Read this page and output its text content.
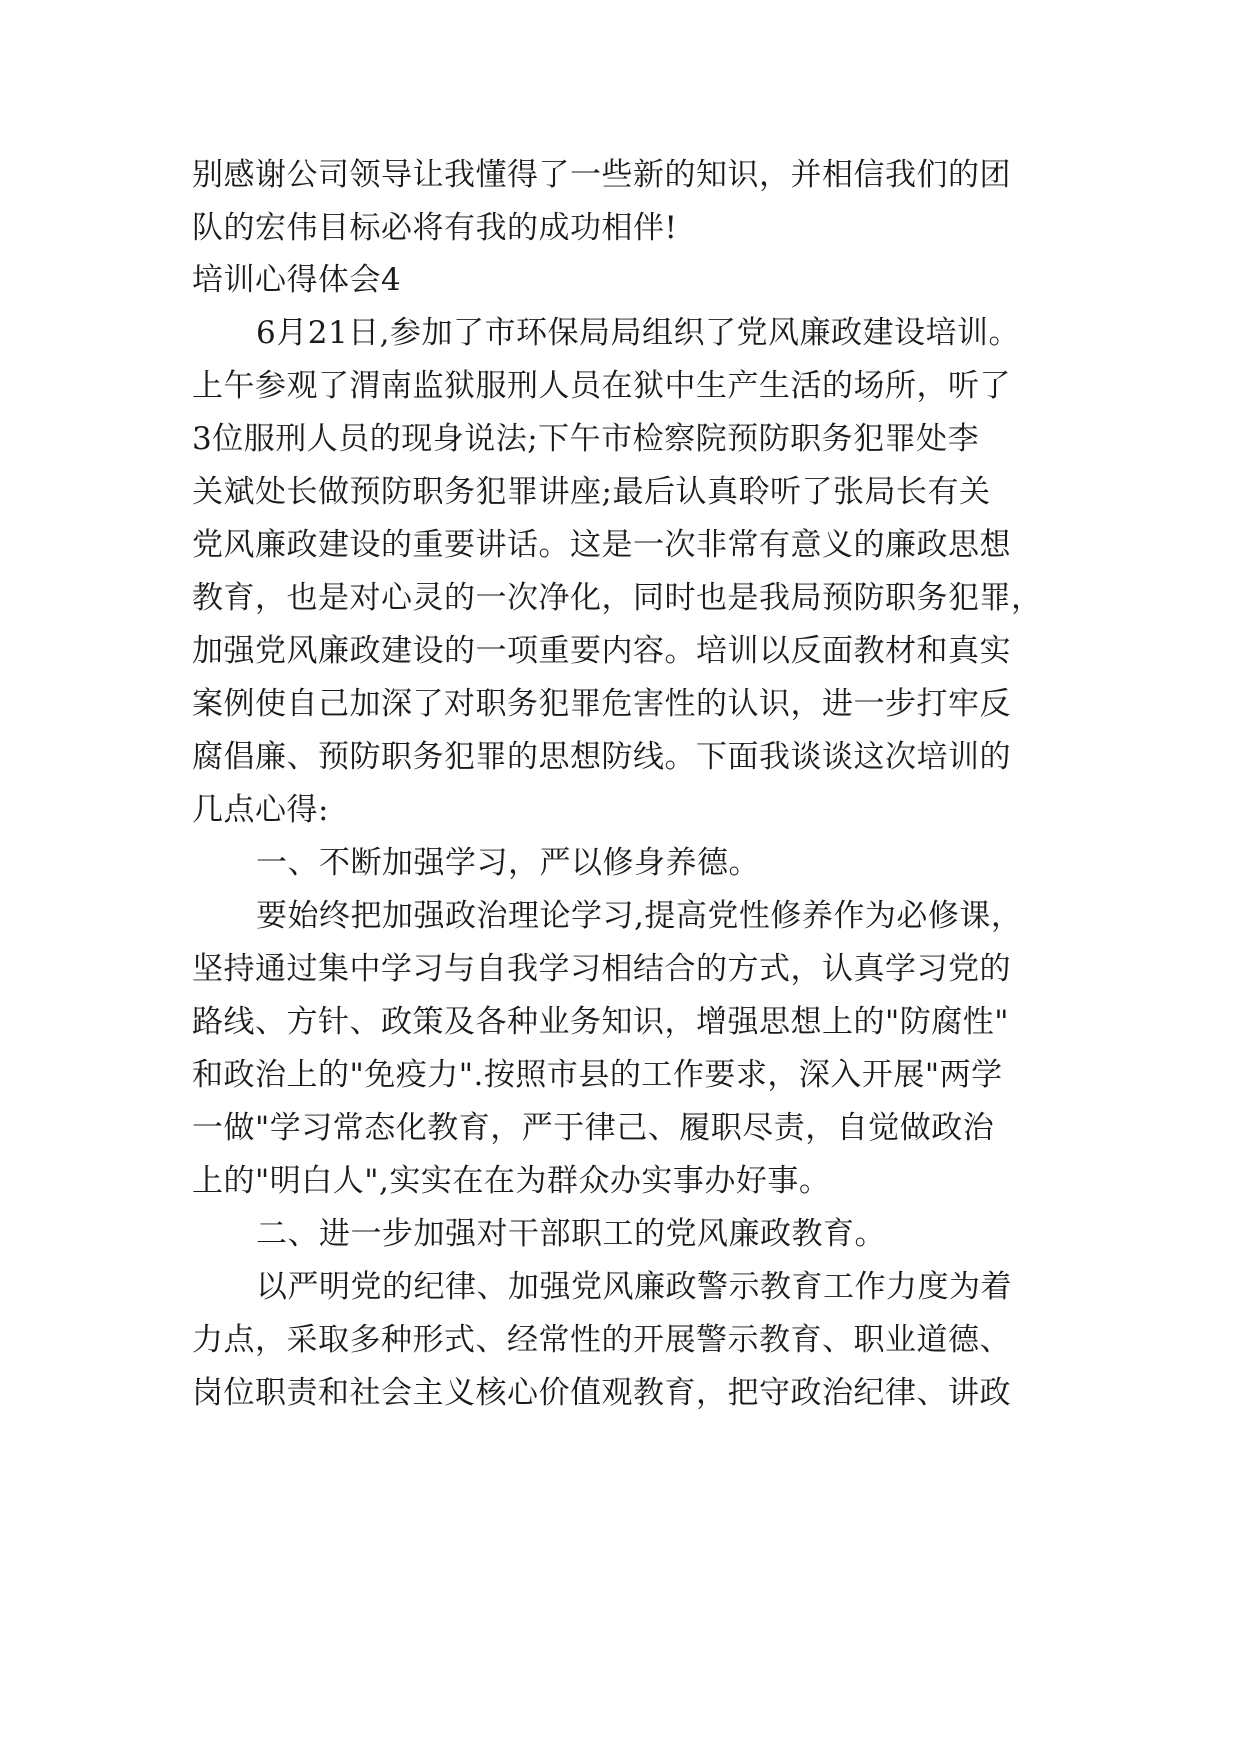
别感谢公司领导让我懂得了一些新的知识，并相信我们的团
队的宏伟目标必将有我的成功相伴!
培训心得体会4
6月21日,参加了市环保局局组织了党风廉政建设培训。
上午参观了渭南监狱服刑人员在狱中生产生活的场所，听了
3位服刑人员的现身说法;下午市检察院预防职务犯罪处李
关斌处长做预防职务犯罪讲座;最后认真聆听了张局长有关
党风廉政建设的重要讲话。这是一次非常有意义的廉政思想
教育，也是对心灵的一次净化，同时也是我局预防职务犯罪，
加强党风廉政建设的一项重要内容。培训以反面教材和真实
案例使自己加深了对职务犯罪危害性的认识，进一步打牢反
腐倡廉、预防职务犯罪的思想防线。下面我谈谈这次培训的
几点心得:
一、不断加强学习，严以修身养德。
要始终把加强政治理论学习,提高党性修养作为必修课，
坚持通过集中学习与自我学习相结合的方式，认真学习党的
路线、方针、政策及各种业务知识，增强思想上的"防腐性"
和政治上的"免疫力".按照市县的工作要求，深入开展"两学
一做"学习常态化教育，严于律己、履职尽责，自觉做政治
上的"明白人",实实在在为群众办实事办好事。
二、进一步加强对干部职工的党风廉政教育。
以严明党的纪律、加强党风廉政警示教育工作力度为着
力点，采取多种形式、经常性的开展警示教育、职业道德、
岗位职责和社会主义核心价值观教育，把守政治纪律、讲政
